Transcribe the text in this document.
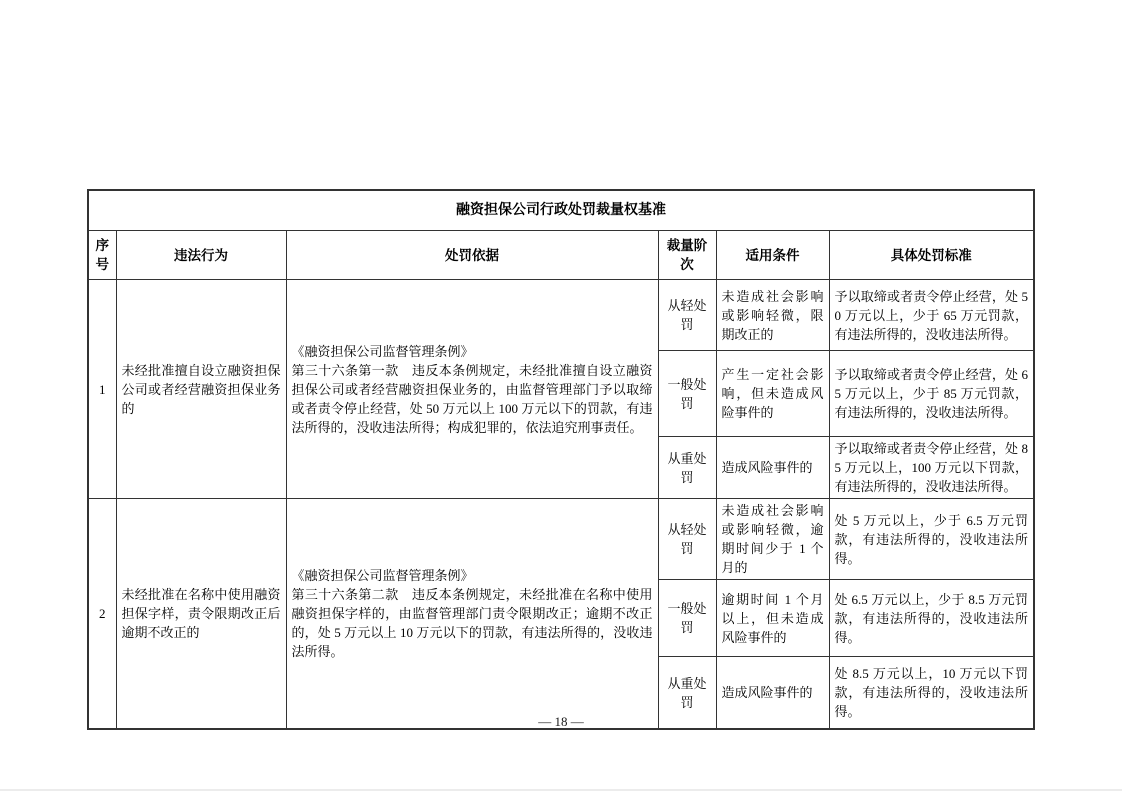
融资担保公司行政处罚裁量权基准					
序号	违法行为	处罚依据	裁量阶次	适用条件	具体处罚标准
1	未经批准擅自设立融资担保公司或者经营融资担保业务的	《融资担保公司监督管理条例》
第三十六条第一款　违反本条例规定，未经批准擅自设立融资担保公司或者经营融资担保业务的，由监督管理部门予以取缔或者责令停止经营，处 50 万元以上 100 万元以下的罚款，有违法所得的，没收违法所得；构成犯罪的，依法追究刑事责任。	从轻处罚	未造成社会影响或影响轻微，限期改正的	予以取缔或者责令停止经营，处 50 万元以上，少于 65 万元罚款，有违法所得的，没收违法所得。
			一般处罚	产生一定社会影响，但未造成风险事件的	予以取缔或者责令停止经营，处 65 万元以上，少于 85 万元罚款，有违法所得的，没收违法所得。
			从重处罚	造成风险事件的	予以取缔或者责令停止经营，处 85 万元以上，100 万元以下罚款，有违法所得的，没收违法所得。
2	未经批准在名称中使用融资担保字样，责令限期改正后逾期不改正的	《融资担保公司监督管理条例》
第三十六条第二款　违反本条例规定，未经批准在名称中使用融资担保字样的，由监督管理部门责令限期改正；逾期不改正的，处 5 万元以上 10 万元以下的罚款，有违法所得的，没收违法所得。	从轻处罚	未造成社会影响或影响轻微，逾期时间少于 1 个月的	处 5 万元以上，少于 6.5 万元罚款，有违法所得的，没收违法所得。
			一般处罚	逾期时间 1 个月以上，但未造成风险事件的	处 6.5 万元以上，少于 8.5 万元罚款，有违法所得的，没收违法所得。
			从重处罚	造成风险事件的	处 8.5 万元以上，10 万元以下罚款，有违法所得的，没收违法所得。
— 18 —
